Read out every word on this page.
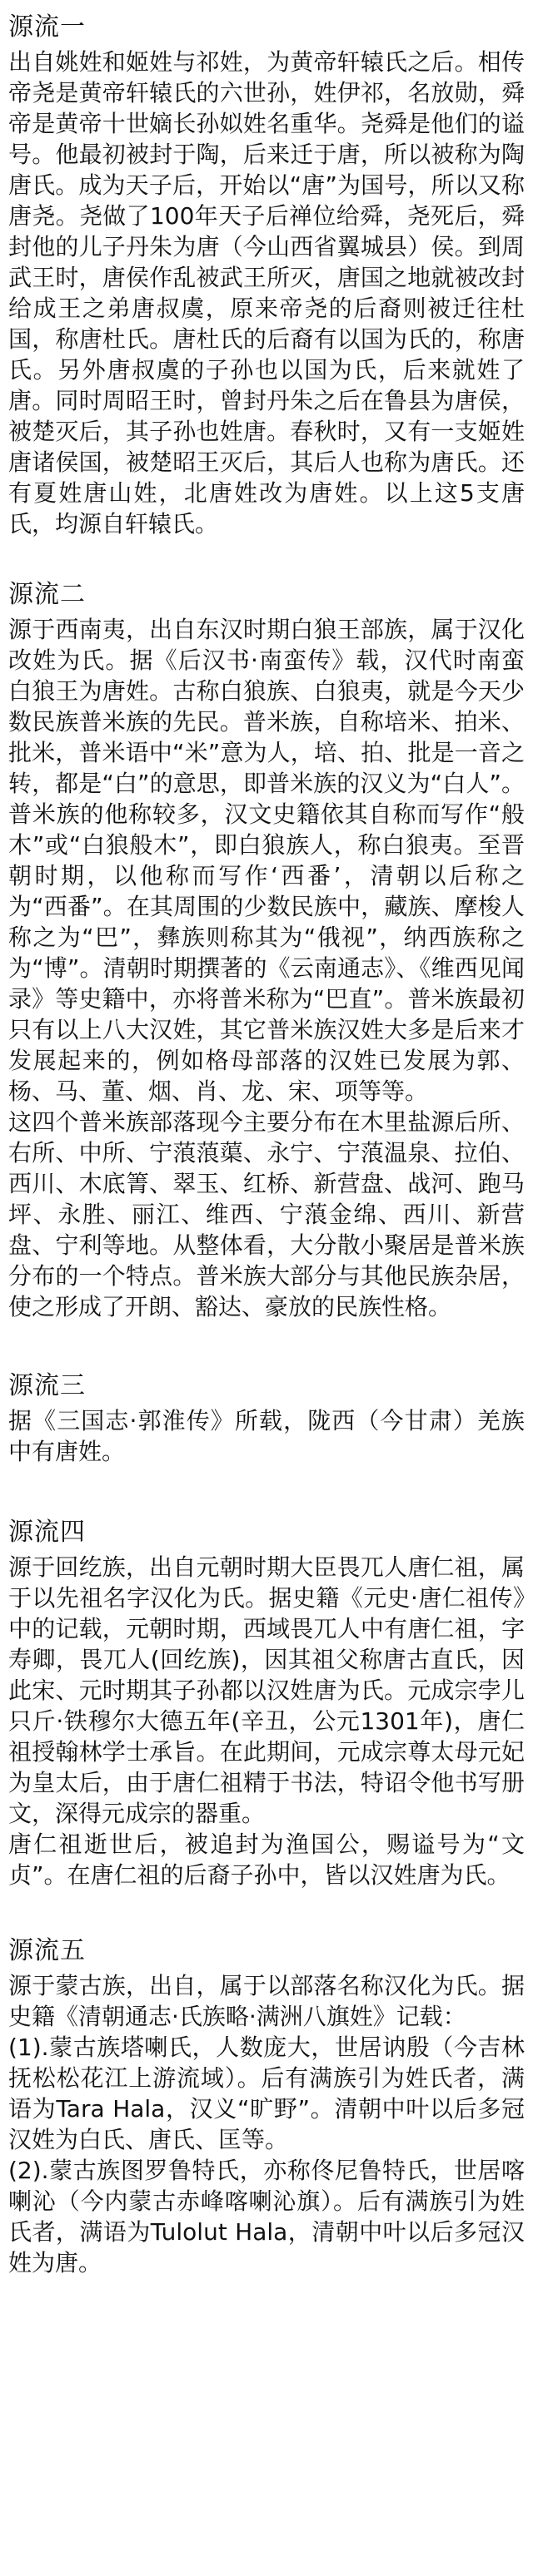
源流一

出自姚姓和姬姓与祁姓，为黄帝轩辕氏之后。相传帝尧是黄帝轩辕氏的六世孙，姓伊祁，名放勋，舜帝是黄帝十世嫡长孙姒姓名重华。尧舜是他们的谥号。他最初被封于陶，后来迁于唐，所以被称为陶唐氏。成为天子后，开始以“唐”为国号，所以又称唐尧。尧做了100年天子后禅位给舜，尧死后，舜封他的儿子丹朱为唐（今山西省翼城县）侯。到周武王时，唐侯作乱被武王所灭，唐国之地就被改封给成王之弟唐叔虞，原来帝尧的后裔则被迁往杜国，称唐杜氏。唐杜氏的后裔有以国为氏的，称唐氏。另外唐叔虞的子孙也以国为氏，后来就姓了唐。同时周昭王时，曾封丹朱之后在鲁县为唐侯，被楚灭后，其子孙也姓唐。春秋时，又有一支姬姓唐诸侯国，被楚昭王灭后，其后人也称为唐氏。还有夏姓唐山姓，北唐姓改为唐姓。以上这5支唐氏，均源自轩辕氏。

源流二

源于西南夷，出自东汉时期白狼王部族，属于汉化改姓为氏。据《后汉书·南蛮传》载，汉代时南蛮白狼王为唐姓。古称白狼族、白狼夷，就是今天少数民族普米族的先民。普米族，自称培米、拍米、批米，普米语中“米”意为人，培、拍、批是一音之转，都是“白”的意思，即普米族的汉义为“白人”。普米族的他称较多，汉文史籍依其自称而写作“般木”或“白狼般木”，即白狼族人，称白狼夷。至晋朝时期，以他称而写作‘西番’，清朝以后称之为“西番”。在其周围的少数民族中，藏族、摩梭人称之为“巴”，彝族则称其为“俄视”，纳西族称之为“博”。清朝时期撰著的《云南通志》、《维西见闻录》等史籍中，亦将普米称为“巴直”。普米族最初只有以上八大汉姓，其它普米族汉姓大多是后来才发展起来的，例如格母部落的汉姓已发展为郭、杨、马、董、烟、肖、龙、宋、项等等。

这四个普米族部落现今主要分布在木里盐源后所、右所、中所、宁蒗蒗蕖、永宁、宁蒗温泉、拉伯、西川、木底箐、翠玉、红桥、新营盘、战河、跑马坪、永胜、丽江、维西、宁蒗金绵、西川、新营盘、宁利等地。从整体看，大分散小聚居是普米族分布的一个特点。普米族大部分与其他民族杂居，使之形成了开朗、豁达、豪放的民族性格。

源流三

据《三国志·郭淮传》所载，陇西（今甘肃）羌族中有唐姓。

源流四

源于回纥族，出自元朝时期大臣畏兀人唐仁祖，属于以先祖名字汉化为氏。据史籍《元史·唐仁祖传》中的记载，元朝时期，西域畏兀人中有唐仁祖，字寿卿，畏兀人(回纥族)，因其祖父称唐古直氏，因此宋、元时期其子孙都以汉姓唐为氏。元成宗孛儿只斤·铁穆尔大德五年(辛丑，公元1301年)，唐仁祖授翰林学士承旨。在此期间，元成宗尊太母元妃为皇太后，由于唐仁祖精于书法，特诏令他书写册文，深得元成宗的器重。

唐仁祖逝世后，被追封为渔国公，赐谥号为“文贞”。在唐仁祖的后裔子孙中，皆以汉姓唐为氏。

源流五

源于蒙古族，出自，属于以部落名称汉化为氏。据史籍《清朝通志·氏族略·满洲八旗姓》记载：

(1).蒙古族塔喇氏，人数庞大，世居讷殷（今吉林抚松松花江上游流域）。后有满族引为姓氏者，满语为Tara Hala，汉义“旷野”。清朝中叶以后多冠汉姓为白氏、唐氏、匡等。

(2).蒙古族图罗鲁特氏，亦称佟尼鲁特氏，世居喀喇沁（今内蒙古赤峰喀喇沁旗）。后有满族引为姓氏者，满语为Tulolut Hala，清朝中叶以后多冠汉姓为唐。
